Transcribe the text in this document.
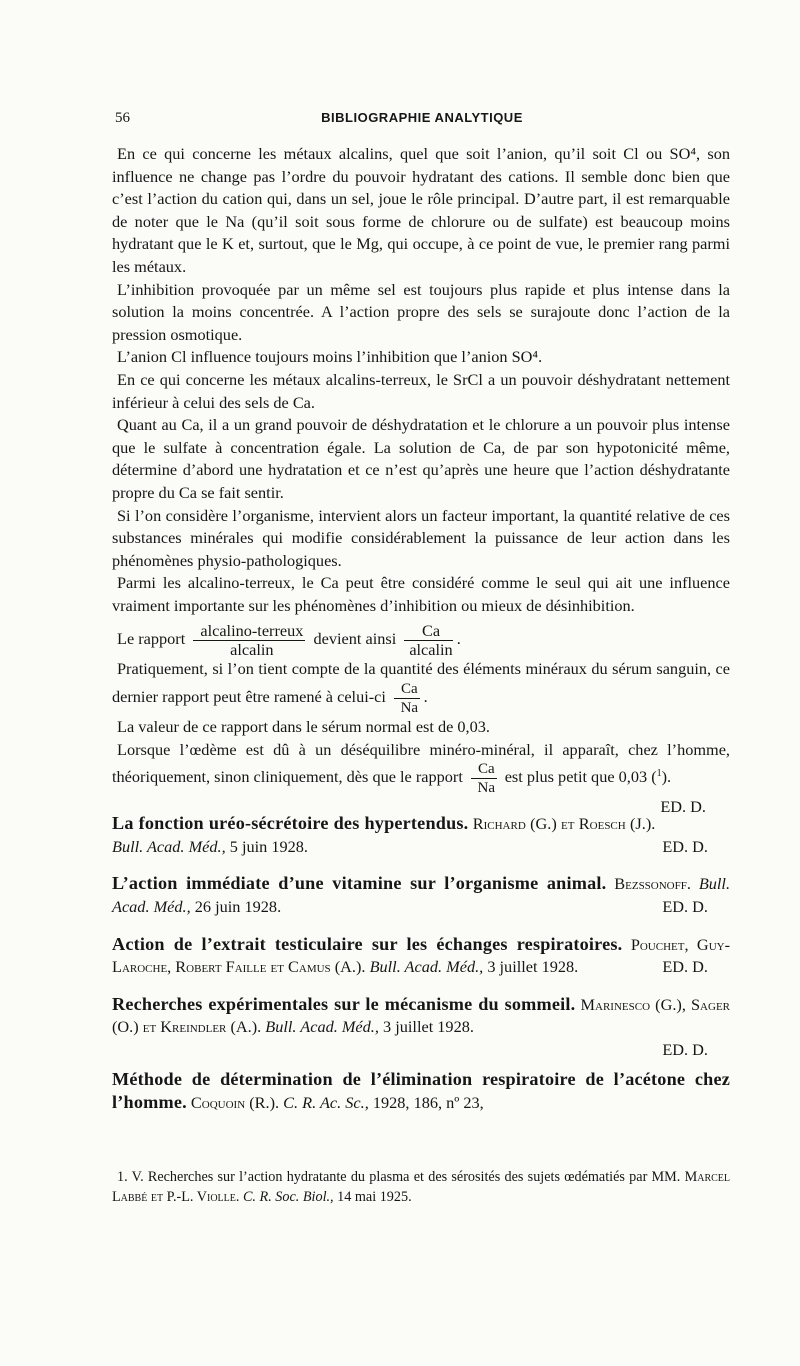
56	BIBLIOGRAPHIE ANALYTIQUE

En ce qui concerne les métaux alcalins, quel que soit l’anion, qu’il soit Cl ou SO⁴, son influence ne change pas l’ordre du pouvoir hydratant des cations. Il semble donc bien que c’est l’action du cation qui, dans un sel, joue le rôle principal. D’autre part, il est remarquable de noter que le Na (qu’il soit sous forme de chlorure ou de sulfate) est beaucoup moins hydratant que le K et, surtout, que le Mg, qui occupe, à ce point de vue, le premier rang parmi les métaux.

L’inhibition provoquée par un même sel est toujours plus rapide et plus intense dans la solution la moins concentrée. A l’action propre des sels se surajoute donc l’action de la pression osmotique.

L’anion Cl influence toujours moins l’inhibition que l’anion SO⁴.

En ce qui concerne les métaux alcalins-terreux, le SrCl a un pouvoir déshydratant nettement inférieur à celui des sels de Ca.

Quant au Ca, il a un grand pouvoir de déshydratation et le chlorure a un pouvoir plus intense que le sulfate à concentration égale. La solution de Ca, de par son hypotonicité même, détermine d’abord une hydratation et ce n’est qu’après une heure que l’action déshydratante propre du Ca se fait sentir.

Si l’on considère l’organisme, intervient alors un facteur important, la quantité relative de ces substances minérales qui modifie considérablement la puissance de leur action dans les phénomènes physio-pathologiques.

Parmi les alcalino-terreux, le Ca peut être considéré comme le seul qui ait une influence vraiment importante sur les phénomènes d’inhibition ou mieux de désinhibition.

Le rapport $\frac{\text{alcalino-terreux}}{\text{alcalin}}$ devient ainsi $\frac{Ca}{\text{alcalin}}$ .

Pratiquement, si l’on tient compte de la quantité des éléments minéraux du sérum sanguin, ce dernier rapport peut être ramené à celui-ci $\frac{Ca}{Na}$ .

La valeur de ce rapport dans le sérum normal est de 0,03.

Lorsque l’œdème est dû à un déséquilibre minéro-minéral, il apparaît, chez l’homme, théoriquement, sinon cliniquement, dès que le rapport $\frac{Ca}{Na}$ est plus petit que 0,03 ($^1$).
ED. D.

La fonction uréo-sécrétoire des hypertendus. Richard (G.) et Roesch (J.). Bull. Acad. Méd., 5 juin 1928.	ED. D.
L’action immédiate d’une vitamine sur l’organisme animal. Bezssonoff. Bull. Acad. Méd., 26 juin 1928.	ED. D.
Action de l’extrait testiculaire sur les échanges respiratoires. Pouchet, Guy-Laroche, Robert Faille et Camus (A.). Bull. Acad. Méd., 3 juillet 1928.	ED. D.
Recherches expérimentales sur le mécanisme du sommeil. Marinesco (G.), Sager (O.) et Kreindler (A.). Bull. Acad. Méd., 3 juillet 1928.
ED. D.
Méthode de détermination de l’élimination respiratoire de l’acétone chez l’homme. Coquoin (R.). C. R. Ac. Sc., 1928, 186, nº 23,

1. V. Recherches sur l’action hydratante du plasma et des sérosités des sujets œdématiés par MM. Marcel Labbé et P.-L. Violle. C. R. Soc. Biol., 14 mai 1925.
